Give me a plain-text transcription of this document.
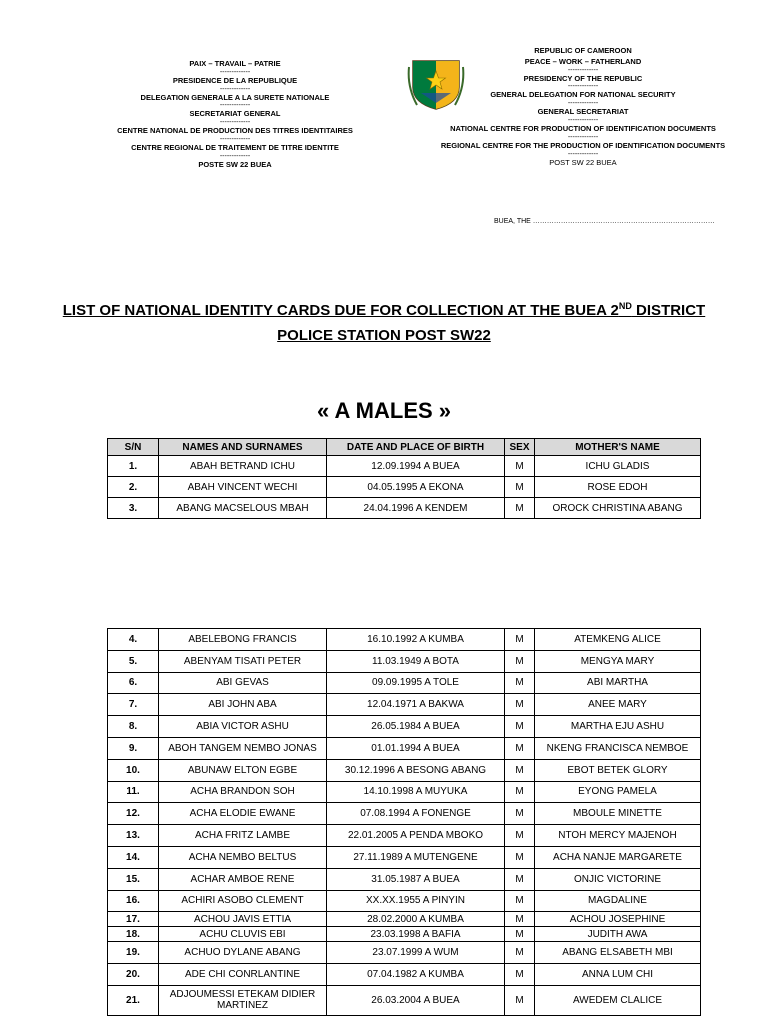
PAIX – TRAVAIL – PATRIE
-------------
PRESIDENCE DE LA REPUBLIQUE
-------------
DELEGATION GENERALE A LA SURETE NATIONALE
-------------
SECRETARIAT GENERAL
-------------
CENTRE NATIONAL DE PRODUCTION DES TITRES IDENTITAIRES
-------------
CENTRE REGIONAL DE TRAITEMENT DE TITRE IDENTITE
-------------
POSTE SW 22 BUEA
REPUBLIC OF CAMEROON
PEACE – WORK – FATHERLAND
-------------
PRESIDENCY OF THE REPUBLIC
-------------
GENERAL DELEGATION FOR NATIONAL SECURITY
-------------
GENERAL SECRETARIAT
-------------
NATIONAL CENTRE FOR PRODUCTION OF IDENTIFICATION DOCUMENTS
-------------
REGIONAL CENTRE FOR THE PRODUCTION OF IDENTIFICATION DOCUMENTS
-------------
POST SW 22 BUEA
BUEA, THE ……………………………………………………………………
LIST OF NATIONAL IDENTITY CARDS DUE FOR COLLECTION AT THE BUEA 2ND DISTRICT
POLICE STATION POST SW22
« A MALES »
S/N	NAMES AND SURNAMES	DATE AND PLACE OF BIRTH	SEX	MOTHER'S NAME
1.	ABAH BETRAND ICHU	12.09.1994 A BUEA	M	ICHU GLADIS
2.	ABAH VINCENT WECHI	04.05.1995 A EKONA	M	ROSE EDOH
3.	ABANG MACSELOUS MBAH	24.04.1996 A KENDEM	M	OROCK CHRISTINA ABANG
4.	ABELEBONG FRANCIS	16.10.1992 A KUMBA	M	ATEMKENG ALICE
5.	ABENYAM TISATI PETER	11.03.1949 A BOTA	M	MENGYA MARY
6.	ABI GEVAS	09.09.1995 A TOLE	M	ABI MARTHA
7.	ABI JOHN ABA	12.04.1971 A BAKWA	M	ANEE MARY
8.	ABIA VICTOR ASHU	26.05.1984 A BUEA	M	MARTHA EJU ASHU
9.	ABOH TANGEM NEMBO JONAS	01.01.1994 A BUEA	M	NKENG FRANCISCA NEMBOE
10.	ABUNAW ELTON EGBE	30.12.1996 A BESONG ABANG	M	EBOT BETEK GLORY
11.	ACHA BRANDON SOH	14.10.1998 A MUYUKA	M	EYONG PAMELA
12.	ACHA ELODIE EWANE	07.08.1994 A FONENGE	M	MBOULE MINETTE
13.	ACHA FRITZ LAMBE	22.01.2005 A PENDA MBOKO	M	NTOH MERCY MAJENOH
14.	ACHA NEMBO BELTUS	27.11.1989 A MUTENGENE	M	ACHA NANJE MARGARETE
15.	ACHAR AMBOE RENE	31.05.1987 A BUEA	M	ONJIC VICTORINE
16.	ACHIRI ASOBO CLEMENT	XX.XX.1955 A PINYIN	M	MAGDALINE
17.	ACHOU JAVIS ETTIA	28.02.2000 A KUMBA	M	ACHOU JOSEPHINE
18.	ACHU CLUVIS EBI	23.03.1998 A BAFIA	M	JUDITH AWA
19.	ACHUO DYLANE ABANG	23.07.1999 A WUM	M	ABANG ELSABETH MBI
20.	ADE CHI CONRLANTINE	07.04.1982 A KUMBA	M	ANNA LUM CHI
21.	ADJOUMESSI ETEKAM DIDIER MARTINEZ	26.03.2004 A BUEA	M	AWEDEM CLALICE
